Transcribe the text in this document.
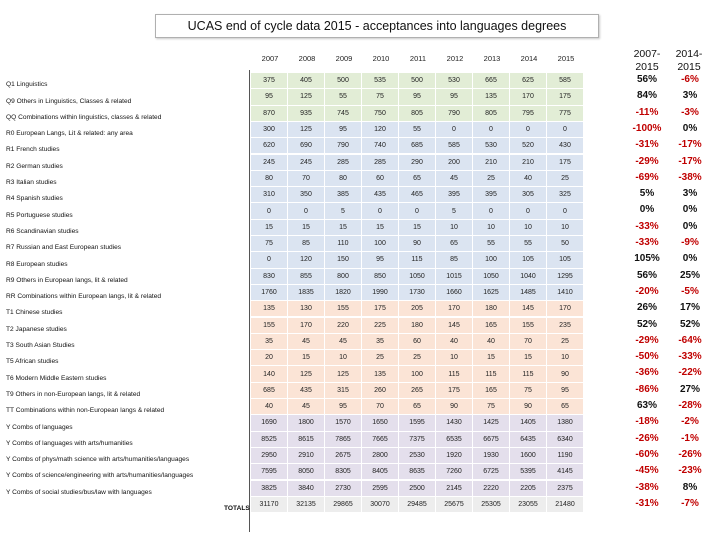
UCAS end of cycle data 2015 - acceptances into languages degrees
2007	2008	2009	2010	2011	2012	2013	2014	2015	2007-
2015
2014-
2015
Q1 Linguistics
375	405	500	535	500	530	665	625	585	56%	-6%
Q9 Others in Linguistics, Classes & related
95	125	55	75	95	95	135	170	175	84%	3%
QQ Combinations within linguistics, classes & related
870	935	745	750	805	790	805	795	775	-11%	-3%
R0 European Langs, Lit & related: any area
300	125	95	120	55	0	0	0	0	-100%	0%
R1 French studies
620	690	790	740	685	585	530	520	430	-31%	-17%
R2 German studies
245	245	285	285	290	200	210	210	175	-29%	-17%
R3 Italian studies
80	70	80	60	65	45	25	40	25	-69%	-38%
R4 Spanish studies
310	350	385	435	465	395	395	305	325	5%	3%
R5 Portuguese studies
0	0	5	0	0	5	0	0	0	0%	0%
R6 Scandinavian studies
15	15	15	15	15	10	10	10	10	-33%	0%
R7 Russian and East European studies
75	85	110	100	90	65	55	55	50	-33%	-9%
R8 European studies
0	120	150	95	115	85	100	105	105	105%	0%
R9 Others in European langs, lit & related
830	855	800	850	1050	1015	1050	1040	1295	56%	25%
RR Combinations within European langs, lit & related
1760	1835	1820	1990	1730	1660	1625	1485	1410	-20%	-5%
T1 Chinese studies
135	130	155	175	205	170	180	145	170	26%	17%
T2 Japanese studies
155	170	220	225	180	145	165	155	235	52%	52%
T3 South Asian Studies
35	45	45	35	60	40	40	70	25	-29%	-64%
T5 African studies
20	15	10	25	25	10	15	15	10	-50%	-33%
T6 Modern Middle Eastern studies
140	125	125	135	100	115	115	115	90	-36%	-22%
T9 Others in non-European langs, lit & related
685	435	315	260	265	175	165	75	95	-86%	27%
TT Combinations within non-European langs & related
40	45	95	70	65	90	75	90	65	63%	-28%
Y Combs of languages
1690	1800	1570	1650	1595	1430	1425	1405	1380	-18%	-2%
Y Combs of languages with arts/humanities
8525	8615	7865	7665	7375	6535	6675	6435	6340	-26%	-1%
Y Combs of phys/math science with arts/humanities/languages
2950	2910	2675	2800	2530	1920	1930	1600	1190	-60%	-26%
Y Combs of science/engineering with arts/humanities/languages
7595	8050	8305	8405	8635	7260	6725	5395	4145	-45%	-23%
Y Combs of social studies/bus/law with languages
3825	3840	2730	2595	2500	2145	2220	2205	2375	-38%	8%
TOTALS
31170	32135	29865	30070	29485	25675	25305	23055	21480	-31%	-7%
